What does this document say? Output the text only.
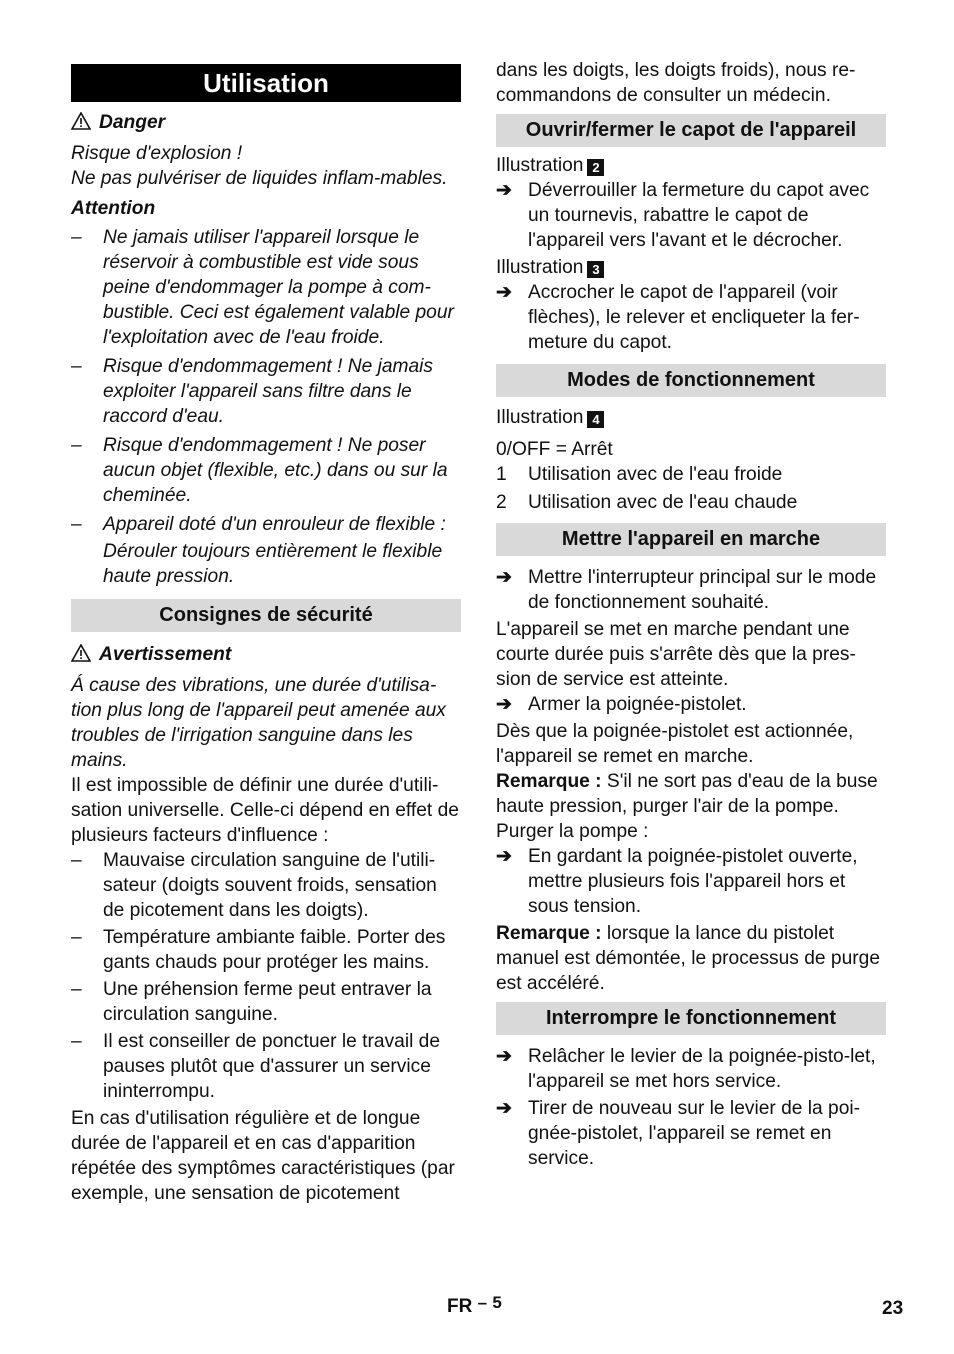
Utilisation
Danger
Risque d'explosion !
Ne pas pulvériser de liquides inflam-mables.
Attention
– Ne jamais utiliser l'appareil lorsque le réservoir à combustible est vide sous peine d'endommager la pompe à com-bustible. Ceci est également valable pour l'exploitation avec de l'eau froide.
– Risque d'endommagement ! Ne jamais exploiter l'appareil sans filtre dans le raccord d'eau.
– Risque d'endommagement ! Ne poser aucun objet (flexible, etc.) dans ou sur la cheminée.
– Appareil doté d'un enrouleur de flexible :
Dérouler toujours entièrement le flexible haute pression.
Consignes de sécurité
Avertissement
Á cause des vibrations, une durée d'utilisa-tion plus long de l'appareil peut amenée aux troubles de l'irrigation sanguine dans les mains.
Il est impossible de définir une durée d'utili-sation universelle. Celle-ci dépend en effet de plusieurs facteurs d'influence :
– Mauvaise circulation sanguine de l'utili-sateur (doigts souvent froids, sensation de picotement dans les doigts).
– Température ambiante faible. Porter des gants chauds pour protéger les mains.
– Une préhension ferme peut entraver la circulation sanguine.
– Il est conseiller de ponctuer le travail de pauses plutôt que d'assurer un service ininterrompu.
En cas d'utilisation régulière et de longue durée de l'appareil et en cas d'apparition répétée des symptômes caractéristiques (par exemple, une sensation de picotement
dans les doigts, les doigts froids), nous re-commandons de consulter un médecin.
Ouvrir/fermer le capot de l'appareil
Illustration 2
➔ Déverrouiller la fermeture du capot avec un tournevis, rabattre le capot de l'appareil vers l'avant et le décrocher.
Illustration 3
➔ Accrocher le capot de l'appareil (voir flèches), le relever et encliqueter la fer-meture du capot.
Modes de fonctionnement
Illustration 4
0/OFF = Arrêt
1 Utilisation avec de l'eau froide
2 Utilisation avec de l'eau chaude
Mettre l'appareil en marche
➔ Mettre l'interrupteur principal sur le mode de fonctionnement souhaité.
L'appareil se met en marche pendant une courte durée puis s'arrête dès que la pres-sion de service est atteinte.
➔ Armer la poignée-pistolet.
Dès que la poignée-pistolet est actionnée, l'appareil se remet en marche.
Remarque : S'il ne sort pas d'eau de la buse haute pression, purger l'air de la pompe.
Purger la pompe :
➔ En gardant la poignée-pistolet ouverte, mettre plusieurs fois l'appareil hors et sous tension.
Remarque : lorsque la lance du pistolet manuel est démontée, le processus de purge est accéléré.
Interrompre le fonctionnement
➔ Relâcher le levier de la poignée-pisto-let, l'appareil se met hors service.
➔ Tirer de nouveau sur le levier de la poi-gnée-pistolet, l'appareil se remet en service.
FR – 5	23
